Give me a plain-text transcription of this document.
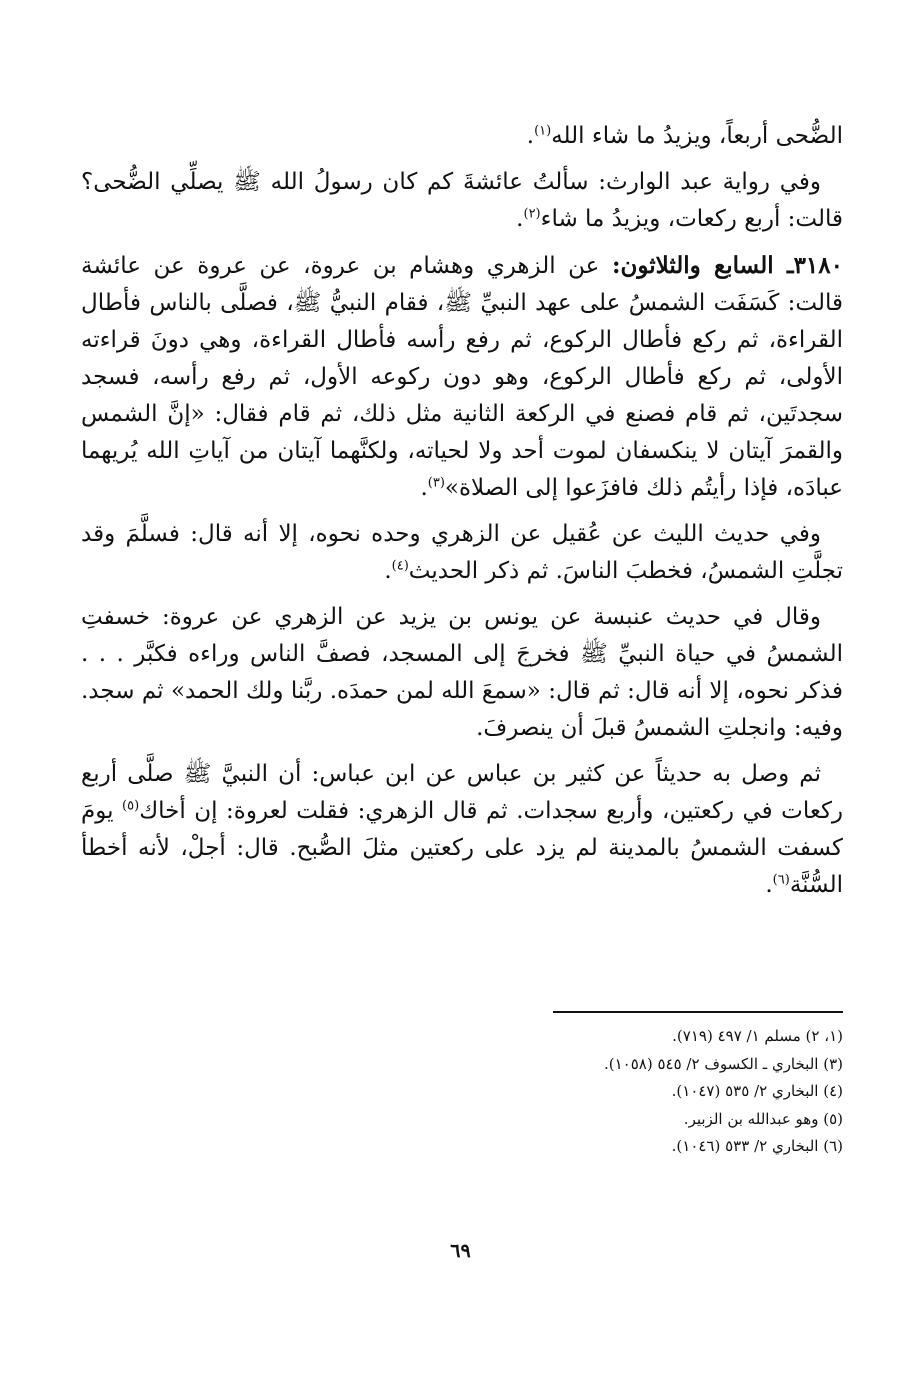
الضُّحى أربعاً، ويزيدُ ما شاء الله$^{(١)}$.

وفي رواية عبد الوارث: سألتُ عائشةَ كم كان رسولُ الله ﷺ يصلِّي الضُّحى؟ قالت: أربع ركعات، ويزيدُ ما شاء$^{(٢)}$.

٣١٨٠ـ السابع والثلاثون: عن الزهري وهشام بن عروة، عن عروة عن عائشة قالت: كَسَفَت الشمسُ على عهد النبيِّ ﷺ، فقام النبيُّ ﷺ، فصلَّى بالناس فأطال القراءة، ثم ركع فأطال الركوع، ثم رفع رأسه فأطال القراءة، وهي دونَ قراءته الأولى، ثم ركع فأطال الركوع، وهو دون ركوعه الأول، ثم رفع رأسه، فسجد سجدتَين، ثم قام فصنع في الركعة الثانية مثل ذلك، ثم قام فقال: «إنَّ الشمس والقمرَ آيتان لا ينكسفان لموت أحد ولا لحياته، ولكنَّهما آيتان من آياتِ الله يُريهما عبادَه، فإذا رأيتُم ذلك فافزَعوا إلى الصلاة»$^{(٣)}$.

وفي حديث الليث عن عُقيل عن الزهري وحده نحوه، إلا أنه قال: فسلَّمَ وقد تجلَّتِ الشمسُ، فخطبَ الناسَ. ثم ذكر الحديث$^{(٤)}$.

وقال في حديث عنبسة عن يونس بن يزيد عن الزهري عن عروة: خسفتِ الشمسُ في حياة النبيِّ ﷺ فخرجَ إلى المسجد، فصفَّ الناس وراءه فكبَّر . . . فذكر نحوه، إلا أنه قال: ثم قال: «سمعَ الله لمن حمدَه. ربَّنا ولك الحمد» ثم سجد. وفيه: وانجلتِ الشمسُ قبلَ أن ينصرفَ.

ثم وصل به حديثاً عن كثير بن عباس عن ابن عباس: أن النبيَّ ﷺ صلَّى أربع ركعات في ركعتين، وأربع سجدات. ثم قال الزهري: فقلت لعروة: إن أخاك$^{(٥)}$ يومَ كسفت الشمسُ بالمدينة لم يزد على ركعتين مثلَ الصُّبح. قال: أجلْ، لأنه أخطأ السُّنَّة$^{(٦)}$.

(١، ٢) مسلم ١/ ٤٩٧ (٧١٩).

(٣) البخاري ـ الكسوف ٢/ ٥٤٥ (١٠٥٨).

(٤) البخاري ٢/ ٥٣٥ (١٠٤٧).

(٥) وهو عبدالله بن الزبير.

(٦) البخاري ٢/ ٥٣٣ (١٠٤٦).

٦٩
